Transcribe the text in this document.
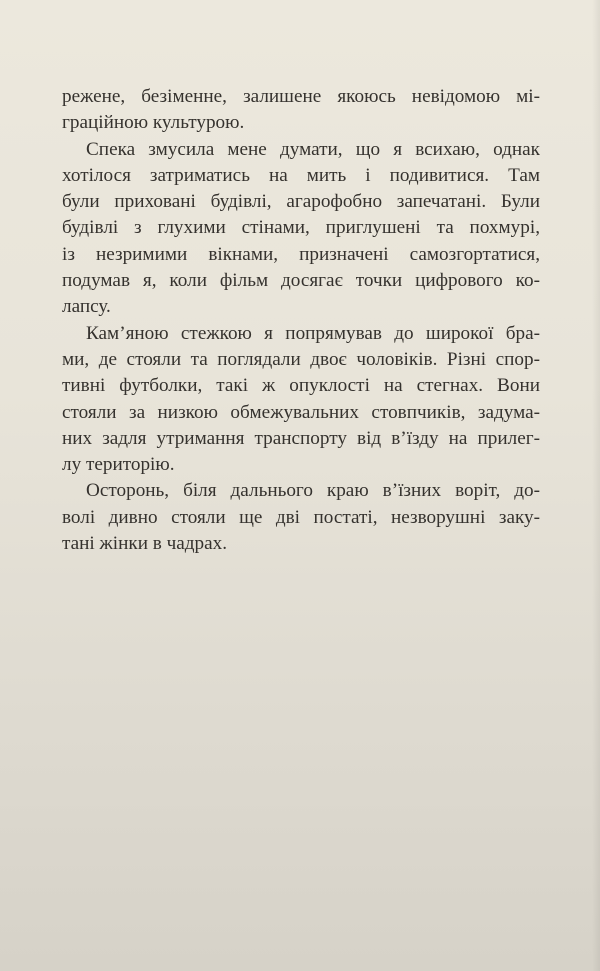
режене, безіменне, залишене якоюсь невідомою мі-
граційною культурою.
Спека змусила мене думати, що я всихаю, однак
хотілося затриматись на мить і подивитися. Там
були приховані будівлі, агарофобно запечатані. Були
будівлі з глухими стінами, приглушені та похмурі,
із незримими вікнами, призначені самозгортатися,
подумав я, коли фільм досягає точки цифрового ко-
лапсу.
Кам’яною стежкою я попрямував до широкої бра-
ми, де стояли та поглядали двоє чоловіків. Різні спор-
тивні футболки, такі ж опуклості на стегнах. Вони
стояли за низкою обмежувальних стовпчиків, задума-
них задля утримання транспорту від в’їзду на прилег-
лу територію.
Осторонь, біля дальнього краю в’їзних воріт, до-
волі дивно стояли ще дві постаті, незворушні заку-
тані жінки в чадрах.
